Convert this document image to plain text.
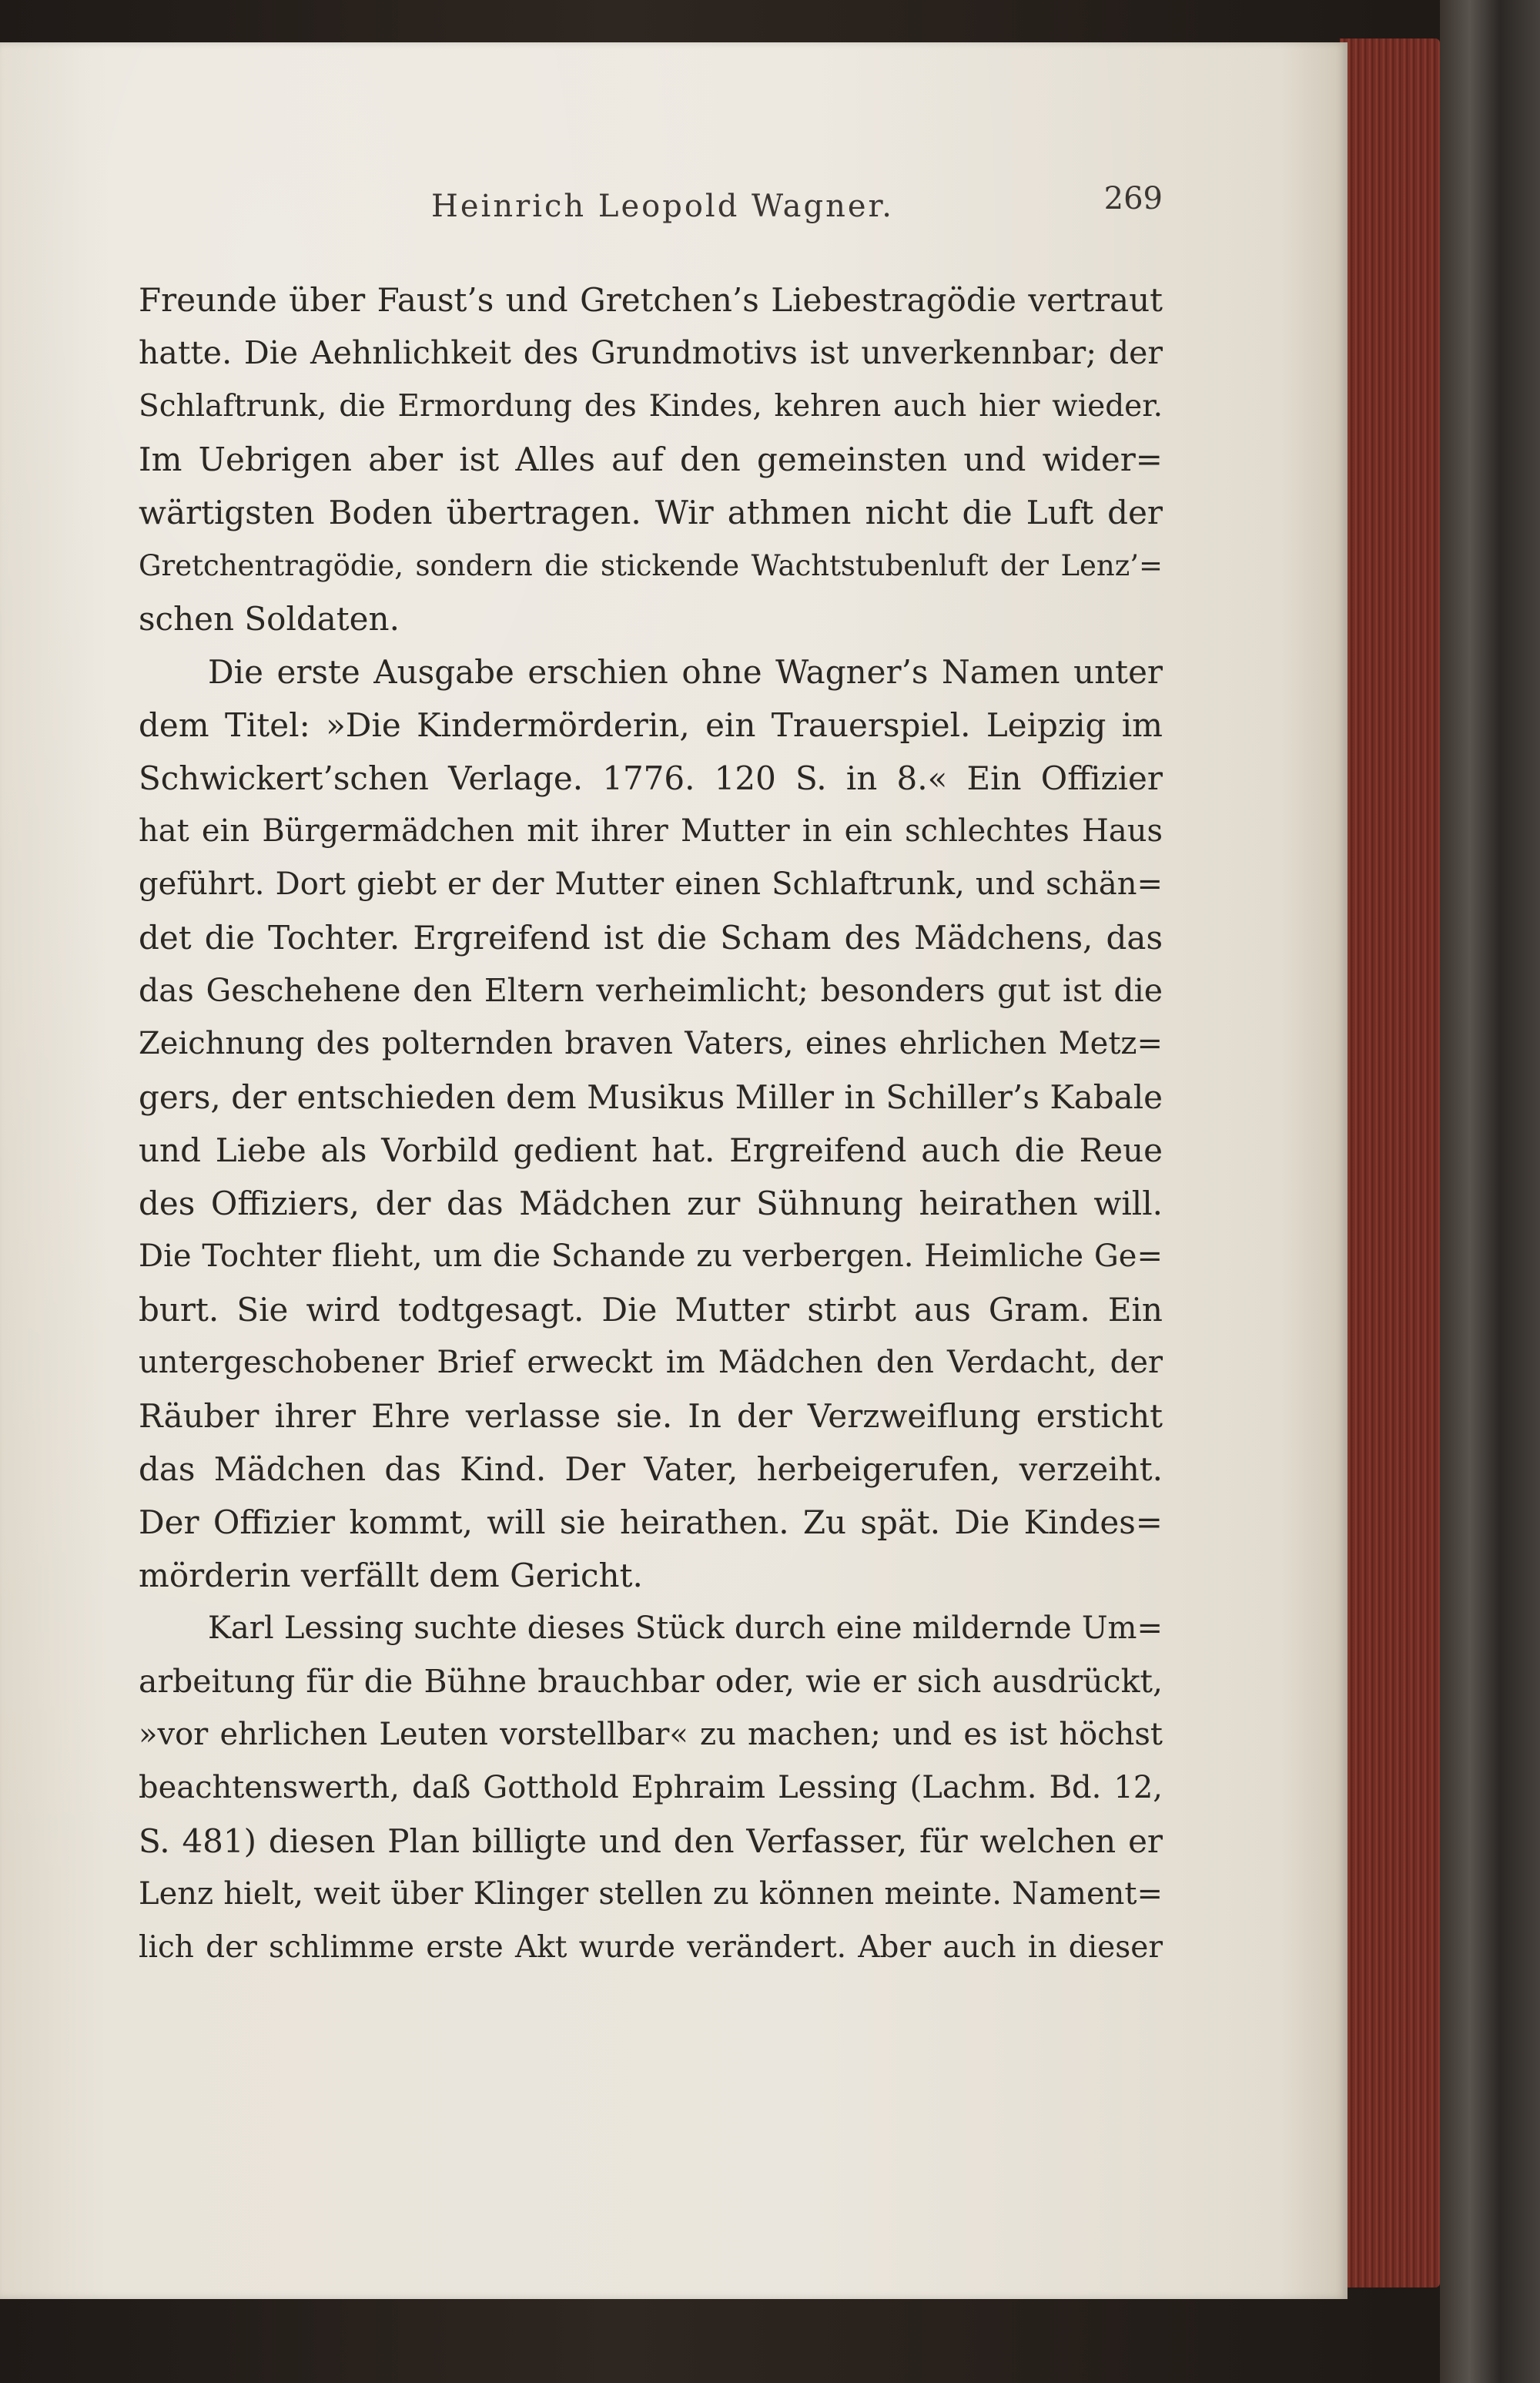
Heinrich Leopold Wagner.	269
Freunde über Faust’s und Gretchen’s Liebestragödie vertraut
hatte. Die Aehnlichkeit des Grundmotivs ist unverkennbar; der
Schlaftrunk, die Ermordung des Kindes, kehren auch hier wieder.
Im Uebrigen aber ist Alles auf den gemeinsten und wider=
wärtigsten Boden übertragen. Wir athmen nicht die Luft der
Gretchentragödie, sondern die stickende Wachtstubenluft der Lenz’=
schen Soldaten.
Die erste Ausgabe erschien ohne Wagner’s Namen unter
dem Titel: »Die Kindermörderin, ein Trauerspiel. Leipzig im
Schwickert’schen Verlage. 1776. 120 S. in 8.« Ein Offizier
hat ein Bürgermädchen mit ihrer Mutter in ein schlechtes Haus
geführt. Dort giebt er der Mutter einen Schlaftrunk, und schän=
det die Tochter. Ergreifend ist die Scham des Mädchens, das
das Geschehene den Eltern verheimlicht; besonders gut ist die
Zeichnung des polternden braven Vaters, eines ehrlichen Metz=
gers, der entschieden dem Musikus Miller in Schiller’s Kabale
und Liebe als Vorbild gedient hat. Ergreifend auch die Reue
des Offiziers, der das Mädchen zur Sühnung heirathen will.
Die Tochter flieht, um die Schande zu verbergen. Heimliche Ge=
burt. Sie wird todtgesagt. Die Mutter stirbt aus Gram. Ein
untergeschobener Brief erweckt im Mädchen den Verdacht, der
Räuber ihrer Ehre verlasse sie. In der Verzweiflung ersticht
das Mädchen das Kind. Der Vater, herbeigerufen, verzeiht.
Der Offizier kommt, will sie heirathen. Zu spät. Die Kindes=
mörderin verfällt dem Gericht.
Karl Lessing suchte dieses Stück durch eine mildernde Um=
arbeitung für die Bühne brauchbar oder, wie er sich ausdrückt,
»vor ehrlichen Leuten vorstellbar« zu machen; und es ist höchst
beachtenswerth, daß Gotthold Ephraim Lessing (Lachm. Bd. 12,
S. 481) diesen Plan billigte und den Verfasser, für welchen er
Lenz hielt, weit über Klinger stellen zu können meinte. Nament=
lich der schlimme erste Akt wurde verändert. Aber auch in dieser
